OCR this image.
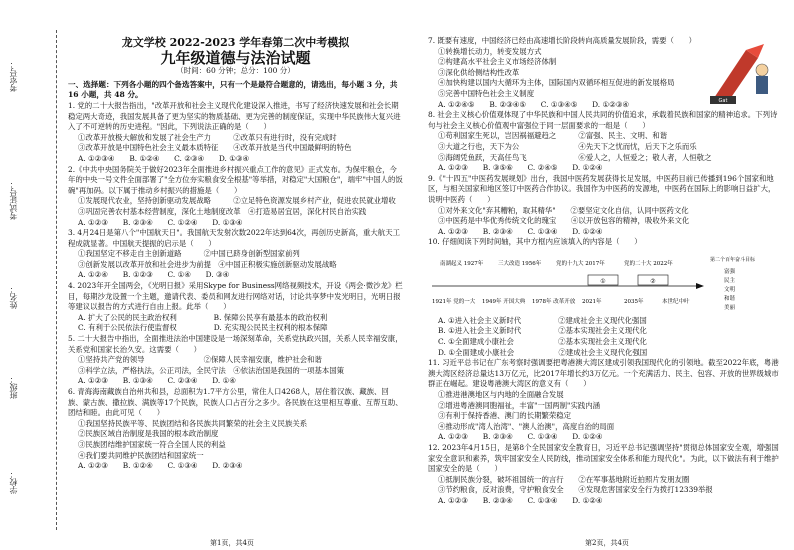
学校：
班级：
姓名：
考试证号：
考室号：
龙文学校 2022-2023 学年春第二次中考模拟
九年级道德与法治试题
（时间：60 分钟；总分：100 分）

一、选择题：下列各小题的四个备选答案中，只有一个是最符合题意的，请选出，每小题 3 分，共 16 小题，共 48 分。

1. 党的二十大报告指出，"改革开放和社会主义现代化建设深入推进，书写了经济快速发展和社会长期稳定两大奇迹，我国发展具备了更为坚实的物质基础、更为完善的制度保证，实现中华民族伟大复兴进入了不可逆转的历史进程。"因此，下列说法正确的是（　　）

①改革开放极大解放和发展了社会生产力　　　②改革只有进行时，没有完成时

③改革开放是中国特色社会主义最本质特征　　④改革开放是当代中国最鲜明的特色

A. ①②③④　　B. ①②④　　C. ②③④　　D. ①③④

2.《中共中央国务院关于做好2023年全面推进乡村振兴重点工作的意见》正式发布。为保牢粮仓，今年的中央一号文件全面部署了"全方位夯实粮食安全根基"等举措，对稳定"大国粮仓"，端牢"中国人的饭碗"再加码。以下属于推动乡村振兴的措施是（　　）

①发展现代农业，坚持创新驱动发展战略　　　②立足特色资源发展乡村产业，促进农民就业增收

③巩固完善农村基本经营制度，深化土地制度改革　④打造易居宜居，深化村民自治实践

A. ①②③　　B. ②③④　　C. ①②④　　D. ①③④

3. 4月24日是第八个"中国航天日"。我国航天发射次数2022年达到64次，再创历史新高，重大航天工程成就显著。中国航天提振的启示是（　　）

①我国坚定不移走自主创新道路　　　②中国已跻身创新型国家前列

③创新发展以改革开放和社会进步为前提　④中国正积极实施创新驱动发展战略

A. ①②④　　B. ①②③　　C. ①④　　D. ③④

4. 2023年开全国两会，《光明日报》采用Skype for Business网络视频技术，开设《两会·微沙龙》栏目，每期沙龙设置一个主题，邀请代表、委员和网友进行网络对话，讨论共享梦中发光明日，光明日报等建议以报告的方式进行自由上报。此举（　　）

A. 扩大了公民的民主政治权利　　　　　B. 保障公民享有最基本的政治权利

C. 有利于公民依法行使监督权　　　　　D. 充实现公民民主权利的根本保障

5. 二十大报告中指出，全面推进法治中国建设是一场深刻革命，关系党执政兴国，关系人民幸福安康，关系党和国家长治久安。这需要（　　）

①坚持共产党的领导　　　　　　　　②保障人民幸福安康，维护社会和谐

③科学立法，严格执法，公正司法，全民守法　④依法治国是我国的一项基本国策

A. ①②③　　B. ①③④　　C. ②③④　　D. ①④

6. 青海海南藏族自治州共和县，总面积为1.7平方公里，常住人口4268人，居住着汉族、藏族、回族、蒙古族、撒拉族、满族等17个民族，民族人口占百分之多少。各民族在这里相互尊重、互帮互助、团结和睦。由此可见（　　）

①我国坚持民族平等、民族团结和各民族共同繁荣的社会主义民族关系

②民族区域自治制度是我国的根本政治制度

③民族团结维护国家统一符合全国人民的利益

④我们要共同维护民族团结和国家统一

A. ①②③　　B. ①②④　　C. ①③④　　D. ②③④

7. 既要有速度，中国经济已经由高速增长阶段转向高质量发展阶段，需要（　　）

①转换增长动力，转变发展方式

②构建高水平社会主义市场经济体制

③深化供给侧结构性改革

④加快构建以国内大循环为主体，国际国内双循环相互促进的新发展格局

⑤完善中国特色社会主义制度

A. ①②④⑤　　B. ②③④⑤　　C. ①③④⑤　　D. ①②③④

8. 社会主义核心价值观体现了中华民族和中国人民共同的价值追求，承载着民族和国家的精神追求。下列诗句与社会主义核心价值观中富强位于同一层面要求的一组是（　　）

①苟利国家生死以，岂因祸福避趋之　　　②富强、民主、文明、和谐

③大道之行也，天下为公　　　　　　　　④先天下之忧而忧，后天下之乐而乐

⑤海阔凭鱼跃，天高任鸟飞　　　　　　　⑥爱人之，人恒爱之；敬人者，人恒敬之

A. ①②③　　B. ③⑤⑥　　C. ②④⑤　　D. ①②④

9.《"十四五"中医药发展规划》出台，我国中医药发展获得长足发展，中医药目前已传播到196个国家和地区，与相关国家和地区签订中医药合作协议。我国作为中医药的发源地，中医药在国际上的影响日益扩大，说明中医药（　　）

①对外来文化"弃其糟粕，取其精华"　　②要坚定文化自信，认同中医药文化

③中医药是中华优秀传统文化的瑰宝　　④以开放包容的精神，吸收外来文化

A. ①②③　　B. ②③④　　C. ①③④　　D. ①②④

10. 仔细阅读下列时间轴，其中方框内应该填入的内容是（　　）

A. ①进入社会主义新时代　　　　　②建成社会主义现代化强国

B. ①进入社会主义新时代　　　　　②基本实现社会主义现代化

C. ①全面建成小康社会　　　　　　②基本实现社会主义现代化

D. ①全面建成小康社会　　　　　　②建成社会主义现代化强国

11. 习近平总书记在广东考察时强调要把粤港澳大湾区建成引领我国现代化的引领地。截至2022年底，粤港澳大湾区经济总量达13万亿元，比2017年增长约3万亿元。一个充满活力、民主、包容、开放的世界级城市群正在崛起。建设粤港澳大湾区的意义有（　　）

①推进港澳地区与内地的全面融合发展

②增进粤港澳同胞福祉，丰富"一国两制"实践内涵

③有利于保持香港、澳门的长期繁荣稳定

④推动形成"湾人治湾"、"澳人治澳"，高度自治的局面

A. ①②③　　B. ②③④　　C. ①③④　　D. ①②④

12. 2023年4月15日，是第8个全民国家安全教育日，习近平总书记强调坚持"贯彻总体国家安全观，增强国家安全意识和素养，筑牢国家安全人民防线，推动国家安全体系和能力现代化"。为此，以下做法有利于维护国家安全的是（　　）

①抵制民族分裂，破坏祖国统一的言行　　②在军事基地附近拍照片发朋友圈

③节约粮食，反对浪费，守护粮食安全　　④发现危害国家安全行为拨打12339举报

A. ①②③　　B. ②③④　　C. ①③④　　D. ①②④

Gat
南湖起义 1927年	三大改造 1956年	党的十九大 2017年	党的二十大 2022年
1921年 党的一大 1949年 开国大典 1978年 改革开放 2021年	2035年	本世纪中叶
①	②
第二个百年奋斗目标
富强
民主
文明
和谐
美丽
第1页，共4页	第2页，共4页
